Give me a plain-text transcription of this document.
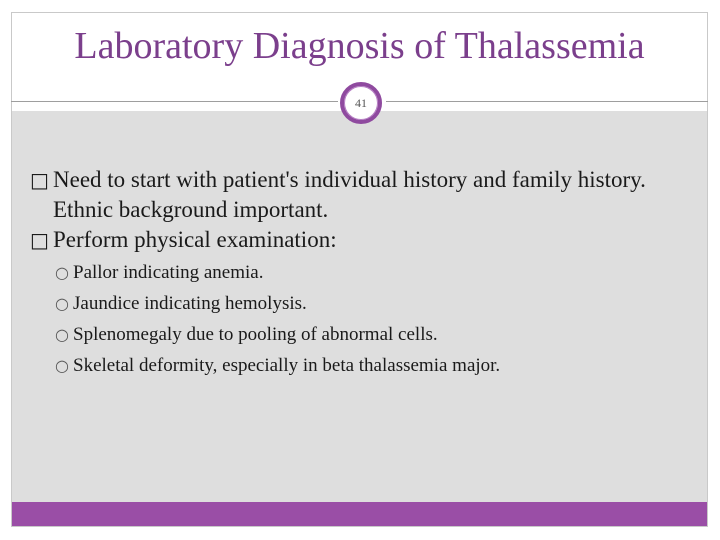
Laboratory Diagnosis of Thalassemia
41
□ Need to start with patient's individual history and family history. Ethnic background important.
□ Perform physical examination:
○ Pallor indicating anemia.
○ Jaundice indicating hemolysis.
○ Splenomegaly due to pooling of abnormal cells.
○ Skeletal deformity, especially in beta thalassemia major.
